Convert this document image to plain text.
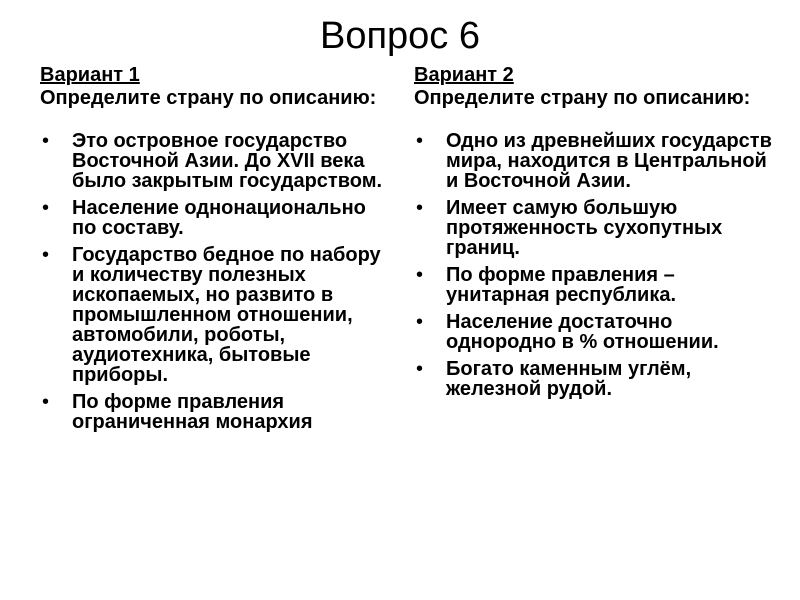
Вопрос 6

Вариант 1

Определите страну по описанию:

• Это островное государство Восточной Азии. До XVII века было закрытым государством.
• Население однонационально по составу.
• Государство бедное по набору и количеству полезных ископаемых, но развито в промышленном отношении, автомобили, роботы, аудиотехника, бытовые приборы.
• По форме правления ограниченная монархия

Вариант 2

Определите страну по описанию:

• Одно из древнейших государств мира, находится в Центральной и Восточной Азии.
• Имеет самую большую протяженность сухопутных границ.
• По форме правления – унитарная республика.
• Население достаточно однородно в % отношении.
• Богато каменным углём, железной рудой.
